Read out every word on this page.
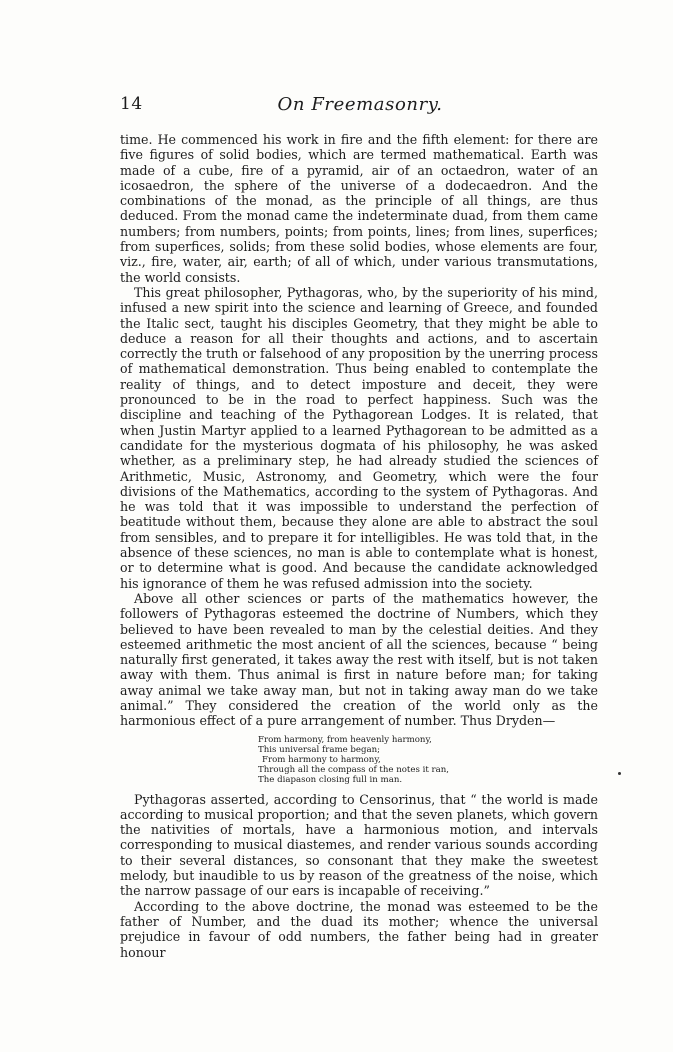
14	On Freemasonry.

time. He commenced his work in fire and the fifth element: for there are five figures of solid bodies, which are termed mathematical. Earth was made of a cube, fire of a pyramid, air of an octaedron, water of an icosaedron, the sphere of the universe of a dodecaedron. And the combinations of the monad, as the principle of all things, are thus deduced. From the monad came the indeterminate duad, from them came numbers; from numbers, points; from points, lines; from lines, superfices; from superfices, solids; from these solid bodies, whose elements are four, viz., fire, water, air, earth; of all of which, under various transmutations, the world consists.

This great philosopher, Pythagoras, who, by the superiority of his mind, infused a new spirit into the science and learning of Greece, and founded the Italic sect, taught his disciples Geometry, that they might be able to deduce a reason for all their thoughts and actions, and to ascertain correctly the truth or falsehood of any proposition by the unerring process of mathematical demonstration. Thus being enabled to contemplate the reality of things, and to detect imposture and deceit, they were pronounced to be in the road to perfect happiness. Such was the discipline and teaching of the Pythagorean Lodges. It is related, that when Justin Martyr applied to a learned Pythagorean to be admitted as a candidate for the mysterious dogmata of his philosophy, he was asked whether, as a preliminary step, he had already studied the sciences of Arithmetic, Music, Astronomy, and Geometry, which were the four divisions of the Mathematics, according to the system of Pythagoras. And he was told that it was impossible to understand the perfection of beatitude without them, because they alone are able to abstract the soul from sensibles, and to prepare it for intelligibles. He was told that, in the absence of these sciences, no man is able to contemplate what is honest, or to determine what is good. And because the candidate acknowledged his ignorance of them he was refused admission into the society.

Above all other sciences or parts of the mathematics however, the followers of Pythagoras esteemed the doctrine of Numbers, which they believed to have been revealed to man by the celestial deities. And they esteemed arithmetic the most ancient of all the sciences, because “ being naturally first generated, it takes away the rest with itself, but is not taken away with them. Thus animal is first in nature before man; for taking away animal we take away man, but not in taking away man do we take animal.” They considered the creation of the world only as the harmonious effect of a pure arrangement of number. Thus Dryden—

From harmony, from heavenly harmony,
This universal frame began;
From harmony to harmony,
Through all the compass of the notes it ran,
The diapason closing full in man.

Pythagoras asserted, according to Censorinus, that “ the world is made according to musical proportion; and that the seven planets, which govern the nativities of mortals, have a harmonious motion, and intervals corresponding to musical diastemes, and render various sounds according to their several distances, so consonant that they make the sweetest melody, but inaudible to us by reason of the greatness of the noise, which the narrow passage of our ears is incapable of receiving.”

According to the above doctrine, the monad was esteemed to be the father of Number, and the duad its mother; whence the universal prejudice in favour of odd numbers, the father being had in greater honour
